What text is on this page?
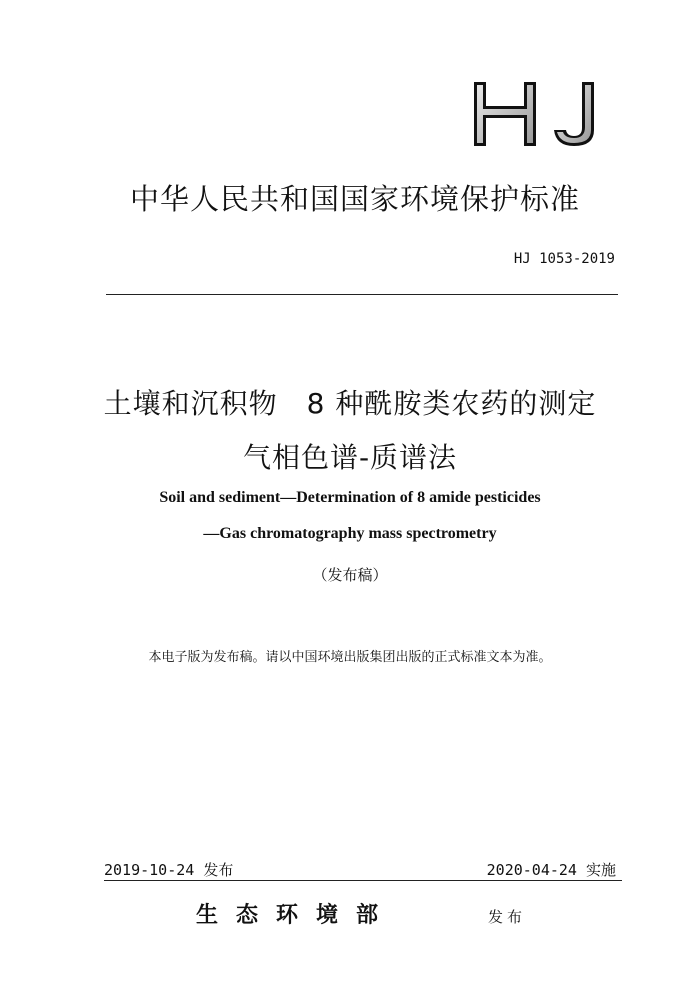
中华人民共和国国家环境保护标准
HJ 1053-2019
土壤和沉积物　8 种酰胺类农药的测定
气相色谱-质谱法
Soil and sediment—Determination of 8 amide pesticides
—Gas chromatography mass spectrometry
（发布稿）
本电子版为发布稿。请以中国环境出版集团出版的正式标准文本为准。
2019-10-24 发布	2020-04-24 实施
生态环境部	发布
